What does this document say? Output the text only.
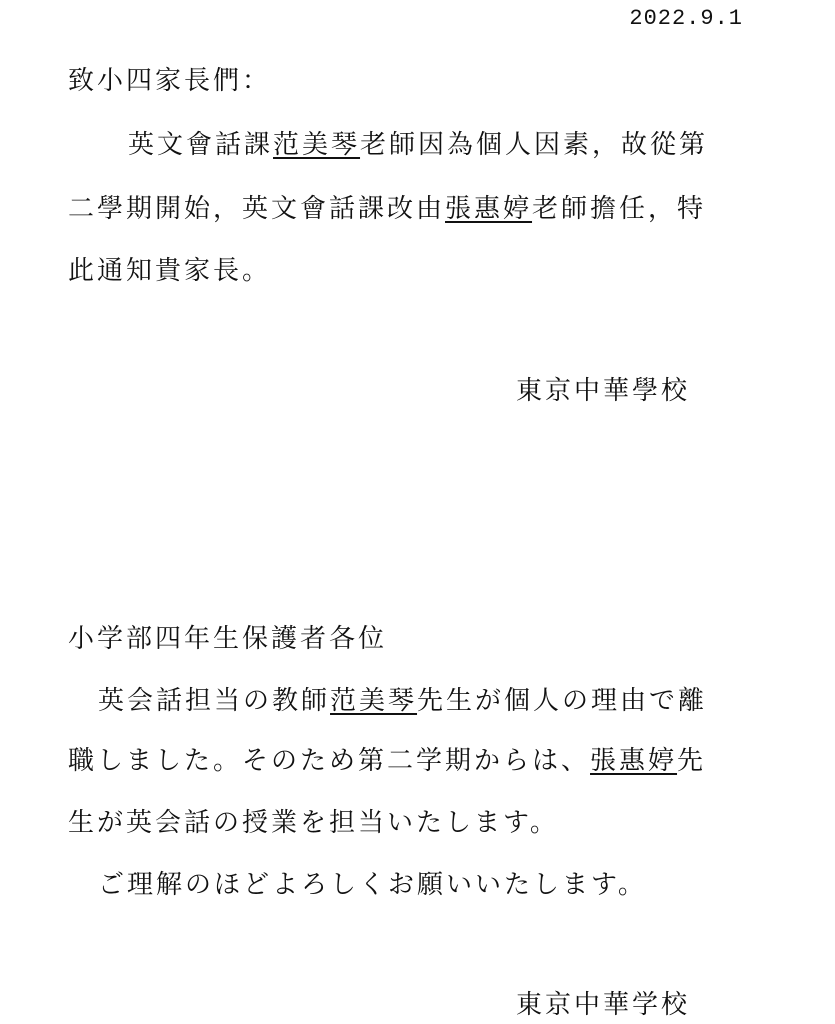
2022.9.1
致小四家長們：
英文會話課范美琴老師因為個人因素，故從第
二學期開始，英文會話課改由張惠婷老師擔任，特
此通知貴家長。
東京中華學校
小学部四年生保護者各位
英会話担当の教師范美琴先生が個人の理由で離
職しました。そのため第二学期からは、張惠婷先
生が英会話の授業を担当いたします。
ご理解のほどよろしくお願いいたします。
東京中華学校
